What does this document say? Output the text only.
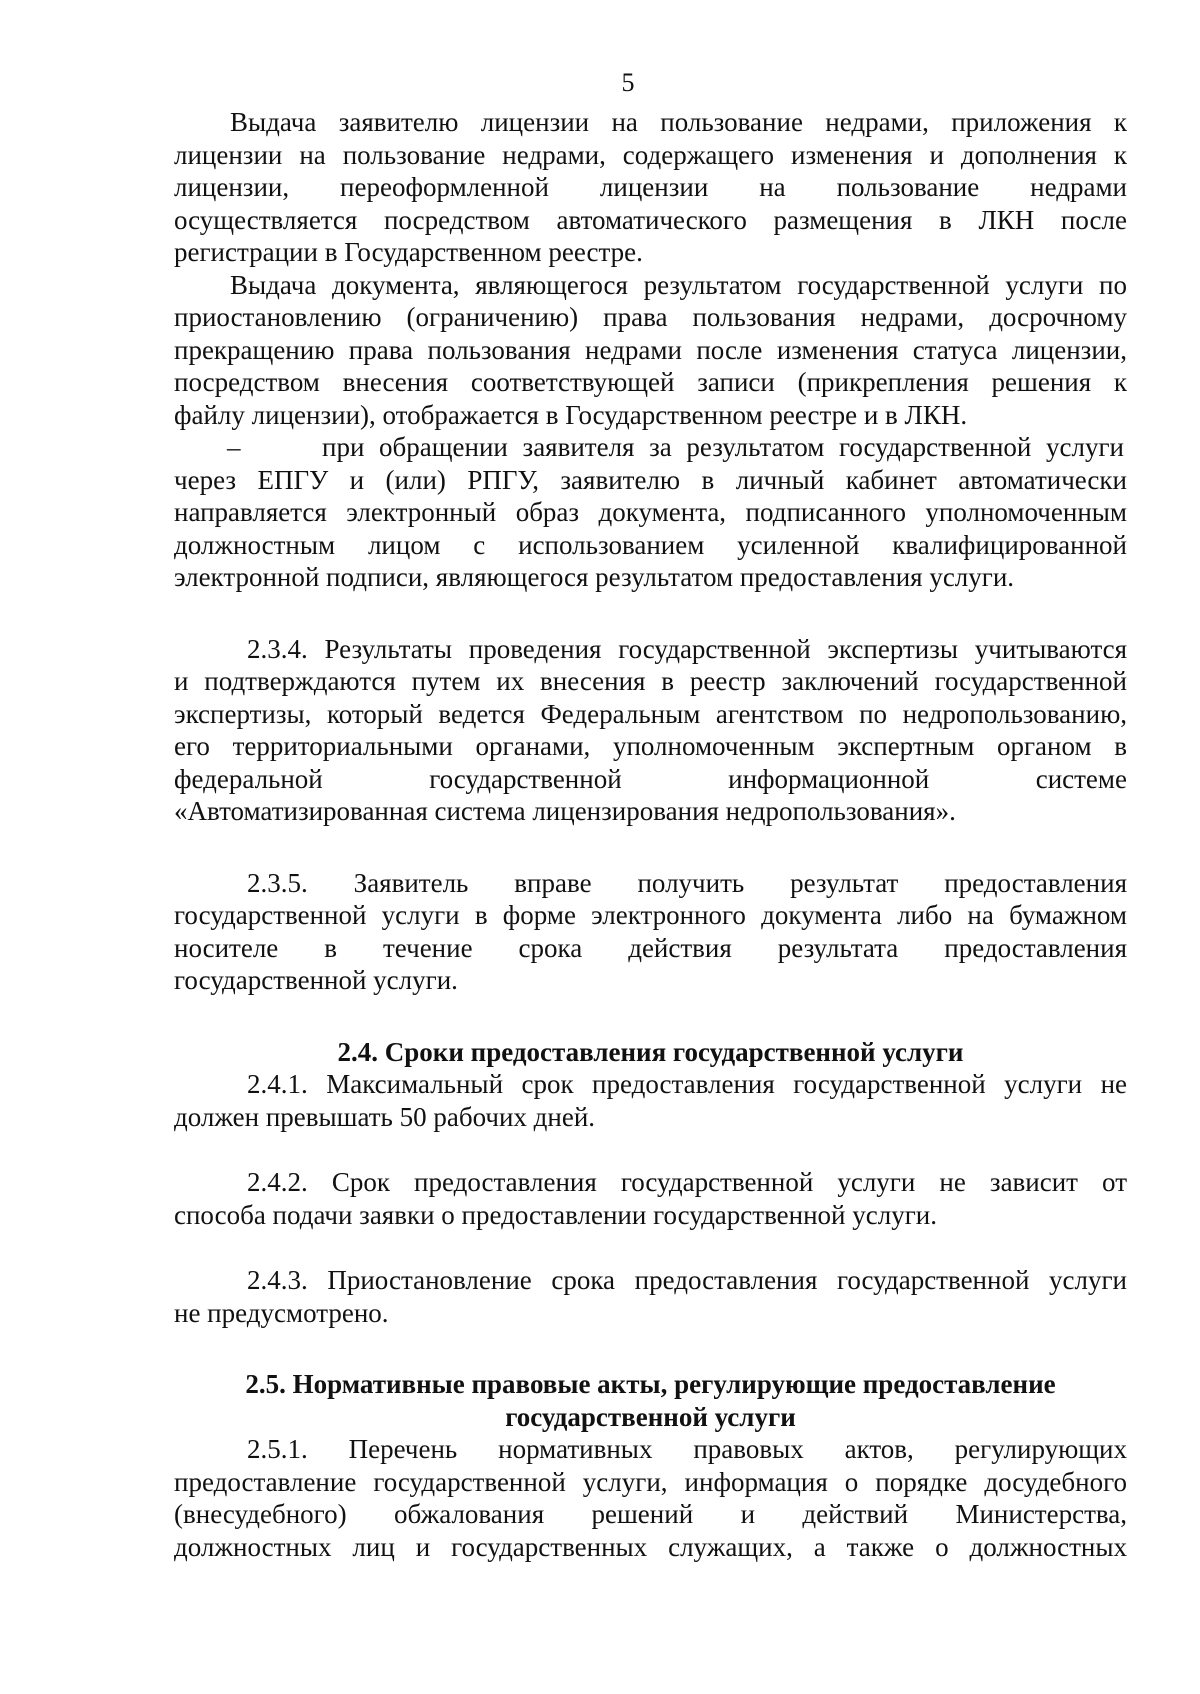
5
Выдача заявителю лицензии на пользование недрами, приложения к
лицензии на пользование недрами, содержащего изменения и дополнения к
лицензии, переоформленной лицензии на пользование недрами
осуществляется посредством автоматического размещения в ЛКН после
регистрации в Государственном реестре.
Выдача документа, являющегося результатом государственной услуги по
приостановлению (ограничению) права пользования недрами, досрочному
прекращению права пользования недрами после изменения статуса лицензии,
посредством внесения соответствующей записи (прикрепления решения к
файлу лицензии), отображается в Государственном реестре и в ЛКН.
–	при обращении заявителя за результатом государственной услуги
через ЕПГУ и (или) РПГУ, заявителю в личный кабинет автоматически
направляется электронный образ документа, подписанного уполномоченным
должностным лицом с использованием усиленной квалифицированной
электронной подписи, являющегося результатом предоставления услуги.
2.3.4. Результаты проведения государственной экспертизы учитываются
и подтверждаются путем их внесения в реестр заключений государственной
экспертизы, который ведется Федеральным агентством по недропользованию,
его территориальными органами, уполномоченным экспертным органом в
федеральной государственной информационной системе
«Автоматизированная система лицензирования недропользования».
2.3.5. Заявитель вправе получить результат предоставления
государственной услуги в форме электронного документа либо на бумажном
носителе в течение срока действия результата предоставления
государственной услуги.
2.4. Сроки предоставления государственной услуги
2.4.1. Максимальный срок предоставления государственной услуги не
должен превышать 50 рабочих дней.
2.4.2. Срок предоставления государственной услуги не зависит от
способа подачи заявки о предоставлении государственной услуги.
2.4.3. Приостановление срока предоставления государственной услуги
не предусмотрено.
2.5. Нормативные правовые акты, регулирующие предоставление
государственной услуги
2.5.1. Перечень нормативных правовых актов, регулирующих
предоставление государственной услуги, информация о порядке досудебного
(внесудебного) обжалования решений и действий Министерства,
должностных лиц и государственных служащих, а также о должностных
